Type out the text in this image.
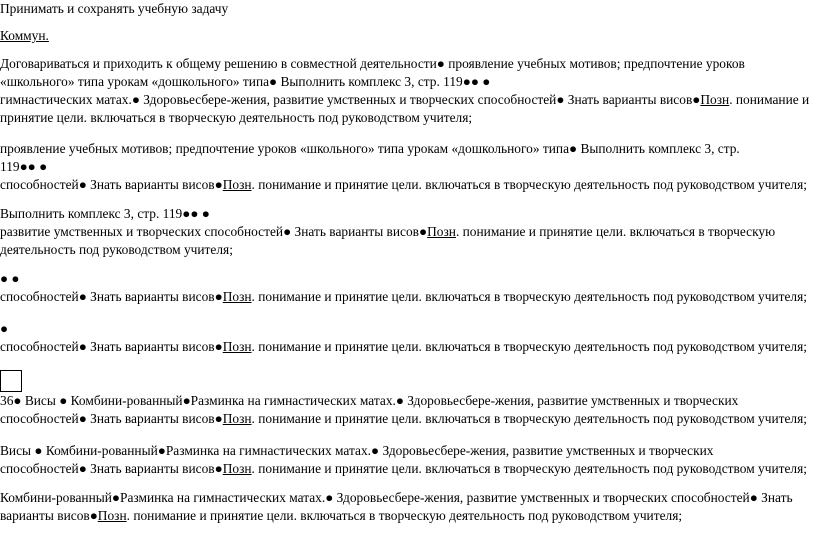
Принимать и сохранять учебную задачу
Коммун.
Договариваться и приходить к общему решению в совместной деятельности● проявление учебных мотивов; предпочтение уроков
«школьного» типа урокам «дошкольного» типа● Выполнить комплекс 3, стр. 119●● ●
гимнастических матах.● Здоровьесбере-жения, развитие умственных и творческих способностей● Знать варианты висов●Позн. понимание и
принятие цели. включаться в творческую деятельность под руководством учителя;
проявление учебных мотивов; предпочтение уроков «школьного» типа урокам «дошкольного» типа● Выполнить комплекс 3, стр.
119●● ●
способностей● Знать варианты висов●Позн. понимание и принятие цели. включаться в творческую деятельность под руководством учителя;
Выполнить комплекс 3, стр. 119●● ●
развитие умственных и творческих способностей● Знать варианты висов●Позн. понимание и принятие цели. включаться в творческую
деятельность под руководством учителя;
● ●
способностей● Знать варианты висов●Позн. понимание и принятие цели. включаться в творческую деятельность под руководством учителя;
●
способностей● Знать варианты висов●Позн. понимание и принятие цели. включаться в творческую деятельность под руководством учителя;
36● Висы ● Комбини-рованный●Разминка на гимнастических матах.● Здоровьесбере-жения, развитие умственных и творческих
способностей● Знать варианты висов●Позн. понимание и принятие цели. включаться в творческую деятельность под руководством учителя;
Висы ● Комбини-рованный●Разминка на гимнастических матах.● Здоровьесбере-жения, развитие умственных и творческих
способностей● Знать варианты висов●Позн. понимание и принятие цели. включаться в творческую деятельность под руководством учителя;
Комбини-рованный●Разминка на гимнастических матах.● Здоровьесбере-жения, развитие умственных и творческих способностей● Знать
варианты висов●Позн. понимание и принятие цели. включаться в творческую деятельность под руководством учителя;
